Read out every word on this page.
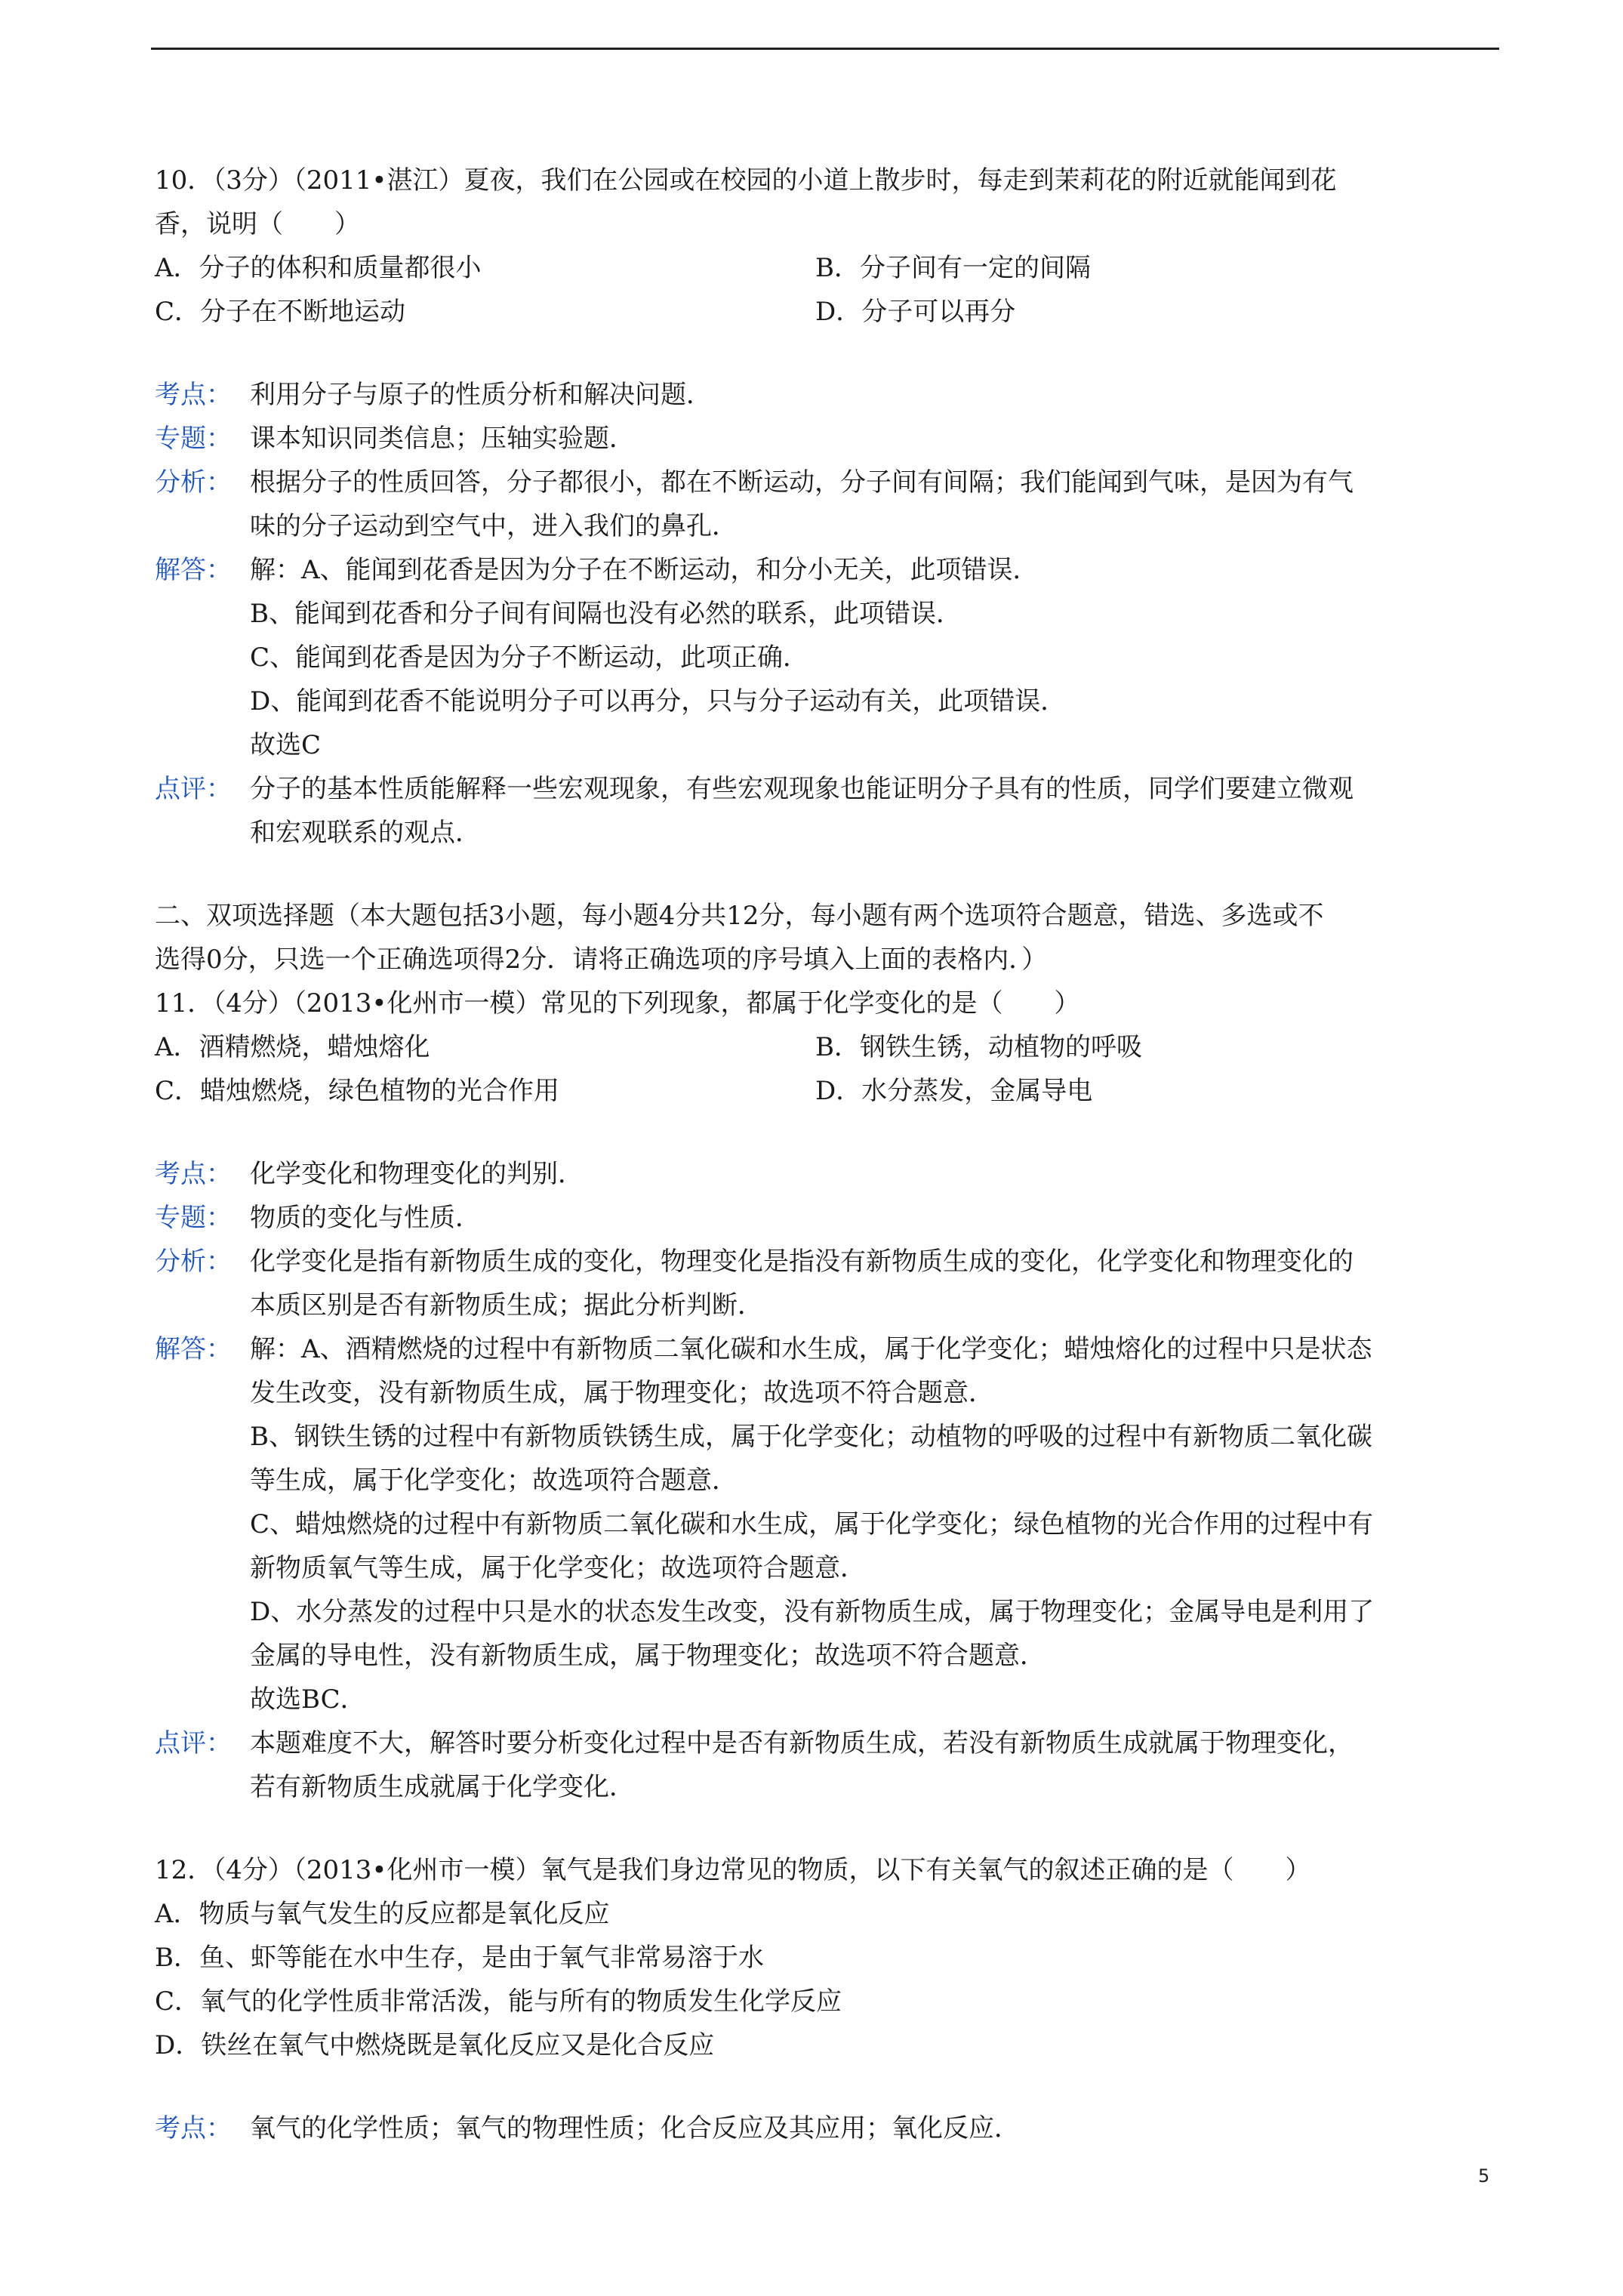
10．（3分）（2011•湛江）夏夜，我们在公园或在校园的小道上散步时，每走到茉莉花的附近就能闻到花
香，说明（　　）
A．分子的体积和质量都很小	B．分子间有一定的间隔
C．分子在不断地运动	D．分子可以再分
考点： 利用分子与原子的性质分析和解决问题．

专题： 课本知识同类信息；压轴实验题．

分析： 根据分子的性质回答，分子都很小，都在不断运动，分子间有间隔；我们能闻到气味，是因为有气

味的分子运动到空气中，进入我们的鼻孔．

解答： 解：A、能闻到花香是因为分子在不断运动，和分小无关，此项错误．

B、能闻到花香和分子间有间隔也没有必然的联系，此项错误．

C、能闻到花香是因为分子不断运动，此项正确．

D、能闻到花香不能说明分子可以再分，只与分子运动有关，此项错误．

故选C

点评： 分子的基本性质能解释一些宏观现象，有些宏观现象也能证明分子具有的性质，同学们要建立微观

和宏观联系的观点．

二、双项选择题（本大题包括3小题，每小题4分共12分，每小题有两个选项符合题意，错选、多选或不
选得0分，只选一个正确选项得2分．请将正确选项的序号填入上面的表格内．）
11．（4分）（2013•化州市一模）常见的下列现象，都属于化学变化的是（　　）
A．酒精燃烧，蜡烛熔化	B．钢铁生锈，动植物的呼吸
C．蜡烛燃烧，绿色植物的光合作用	D．水分蒸发，金属导电
考点： 化学变化和物理变化的判别．

专题： 物质的变化与性质．

分析： 化学变化是指有新物质生成的变化，物理变化是指没有新物质生成的变化，化学变化和物理变化的

本质区别是否有新物质生成；据此分析判断．

解答： 解：A、酒精燃烧的过程中有新物质二氧化碳和水生成，属于化学变化；蜡烛熔化的过程中只是状态

发生改变，没有新物质生成，属于物理变化；故选项不符合题意．

B、钢铁生锈的过程中有新物质铁锈生成，属于化学变化；动植物的呼吸的过程中有新物质二氧化碳

等生成，属于化学变化；故选项符合题意．

C、蜡烛燃烧的过程中有新物质二氧化碳和水生成，属于化学变化；绿色植物的光合作用的过程中有

新物质氧气等生成，属于化学变化；故选项符合题意．

D、水分蒸发的过程中只是水的状态发生改变，没有新物质生成，属于物理变化；金属导电是利用了

金属的导电性，没有新物质生成，属于物理变化；故选项不符合题意．

故选BC．

点评： 本题难度不大，解答时要分析变化过程中是否有新物质生成，若没有新物质生成就属于物理变化，

若有新物质生成就属于化学变化．

12．（4分）（2013•化州市一模）氧气是我们身边常见的物质，以下有关氧气的叙述正确的是（　　）
A．物质与氧气发生的反应都是氧化反应
B．鱼、虾等能在水中生存，是由于氧气非常易溶于水
C．氧气的化学性质非常活泼，能与所有的物质发生化学反应
D．铁丝在氧气中燃烧既是氧化反应又是化合反应
考点： 氧气的化学性质；氧气的物理性质；化合反应及其应用；氧化反应．

5
